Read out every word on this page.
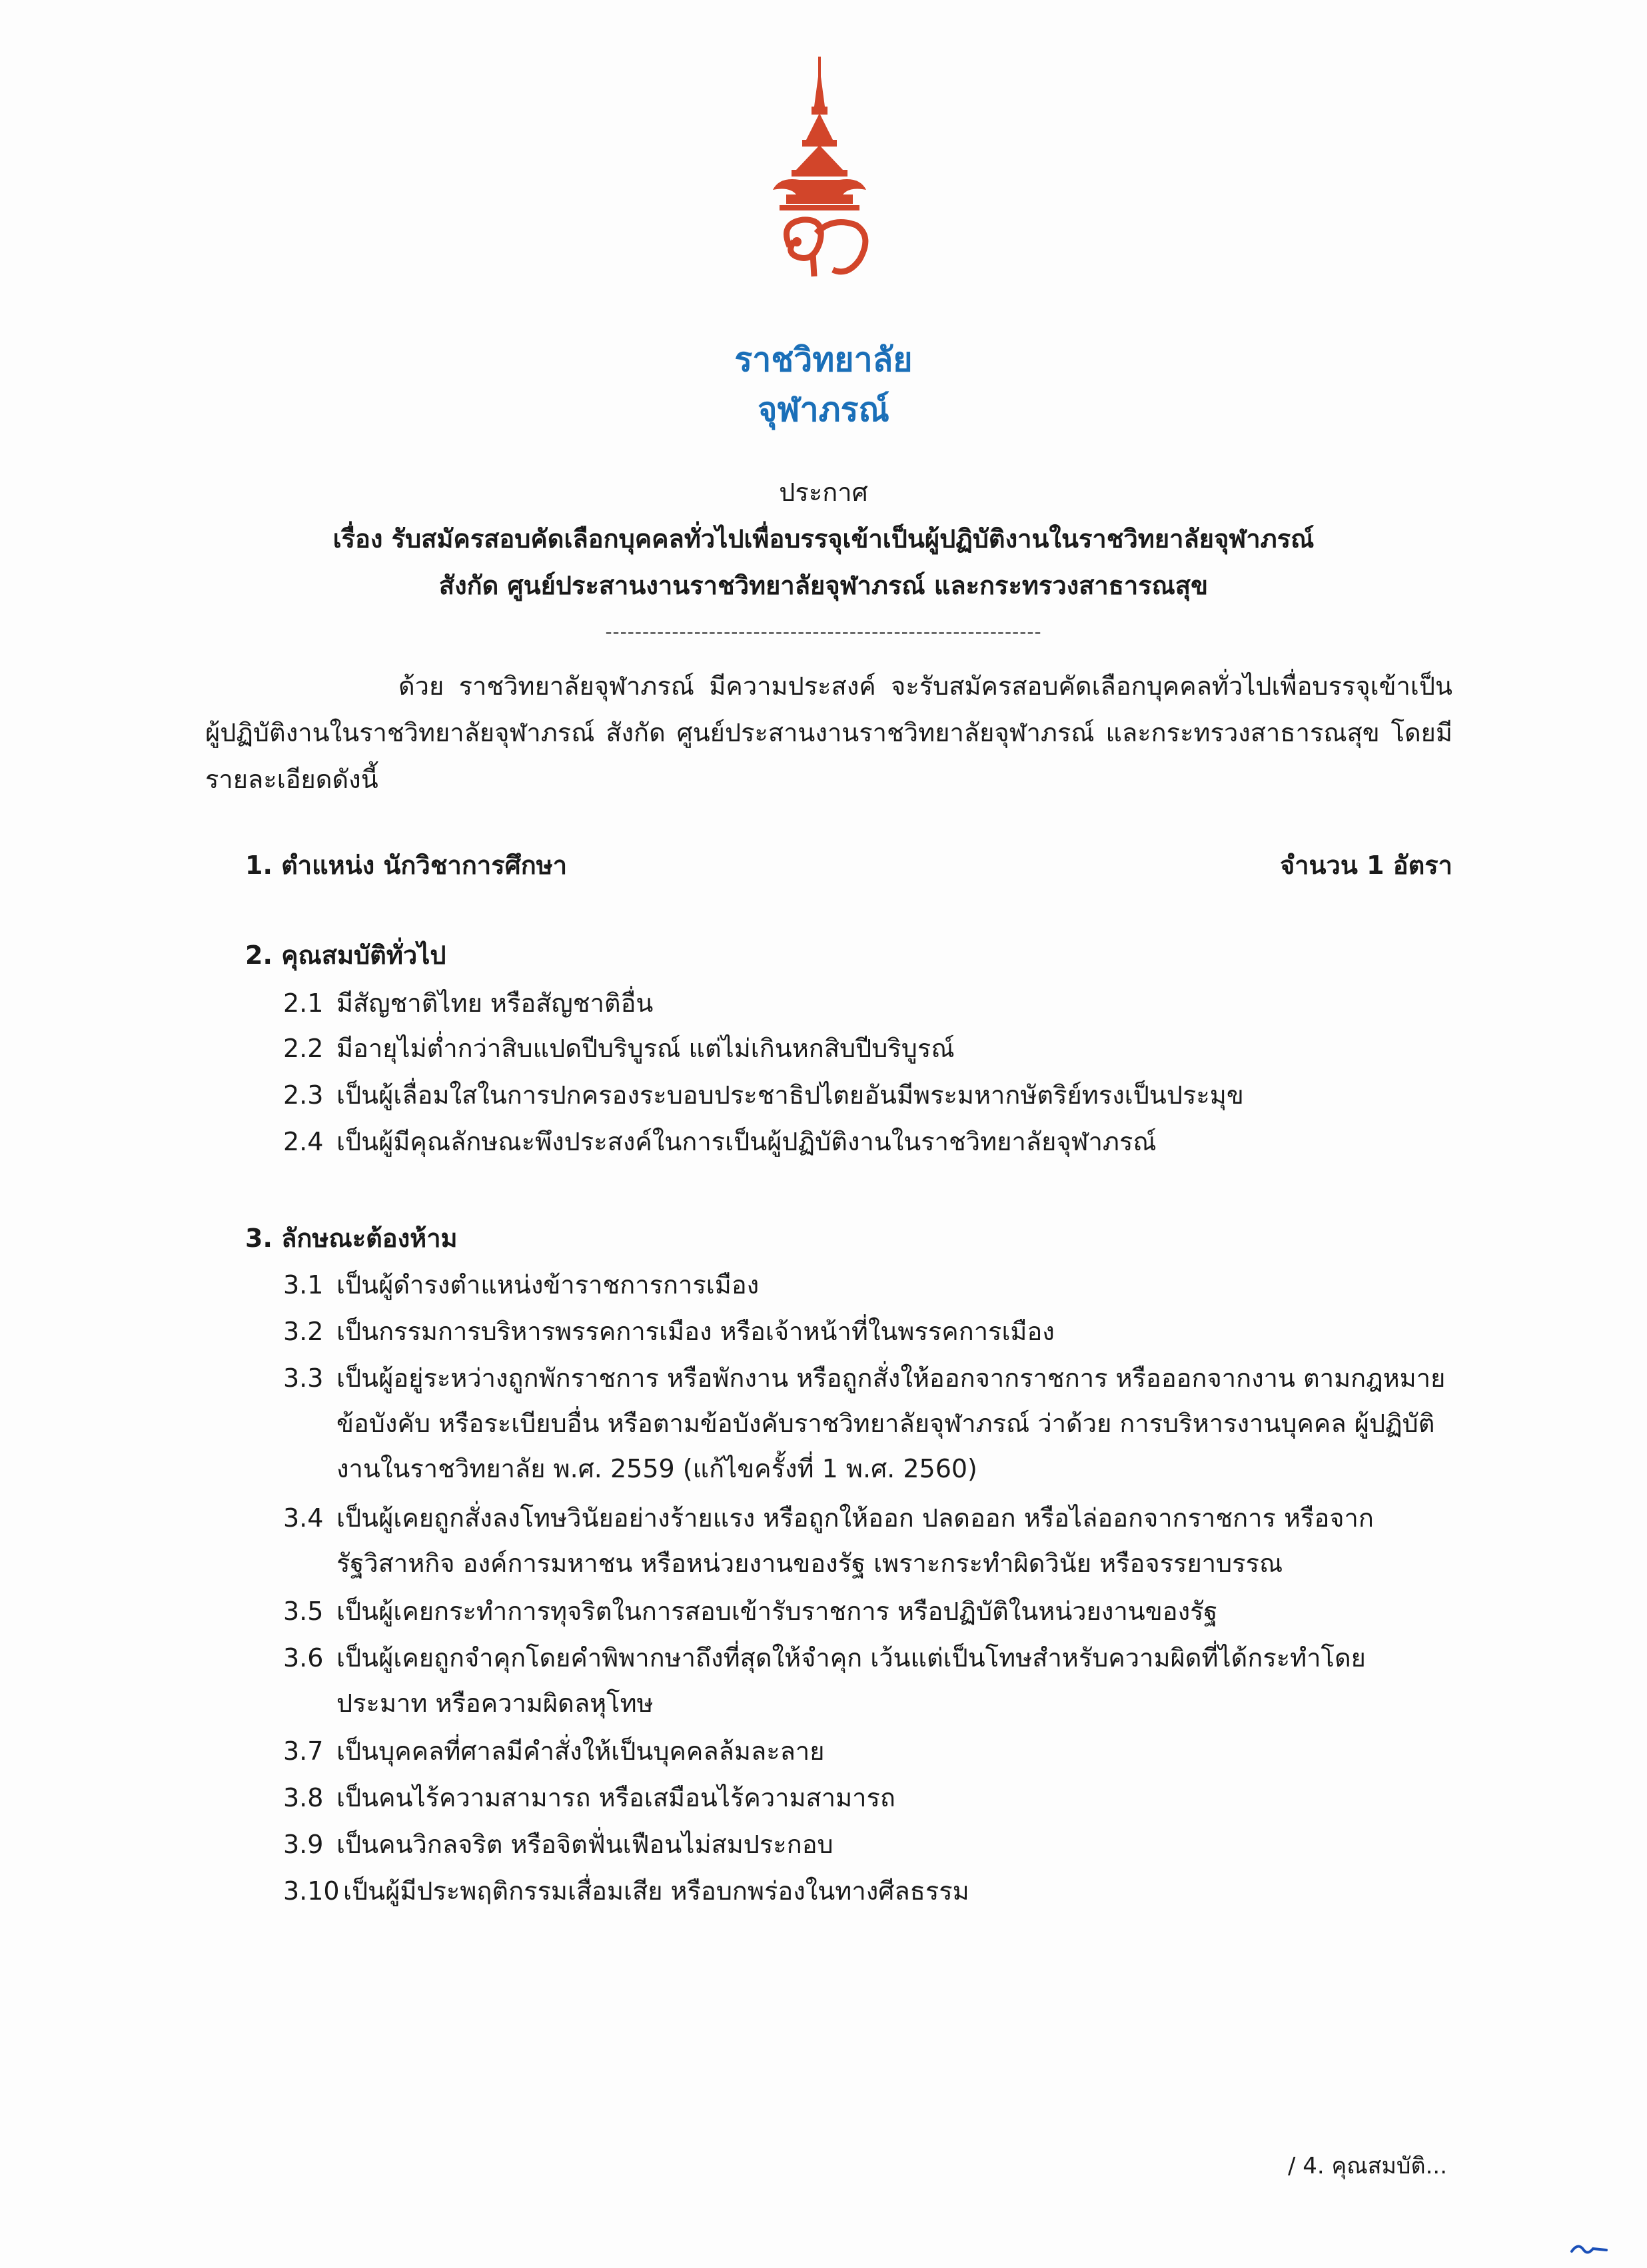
ราชวิทยาลัย
จุฬาภรณ์
ประกาศ
เรื่อง รับสมัครสอบคัดเลือกบุคคลทั่วไปเพื่อบรรจุเข้าเป็นผู้ปฏิบัติงานในราชวิทยาลัยจุฬาภรณ์
สังกัด ศูนย์ประสานงานราชวิทยาลัยจุฬาภรณ์ และกระทรวงสาธารณสุข
-----------------------------------------------------------
ด้วย ราชวิทยาลัยจุฬาภรณ์ มีความประสงค์ จะรับสมัครสอบคัดเลือกบุคคลทั่วไปเพื่อบรรจุเข้าเป็น ผู้ปฏิบัติงานในราชวิทยาลัยจุฬาภรณ์ สังกัด ศูนย์ประสานงานราชวิทยาลัยจุฬาภรณ์ และกระทรวงสาธารณสุข โดยมีรายละเอียดดังนี้
1. ตำแหน่ง นักวิชาการศึกษา	จำนวน 1 อัตรา
2. คุณสมบัติทั่วไป
2.1 มีสัญชาติไทย หรือสัญชาติอื่น
2.2 มีอายุไม่ต่ำกว่าสิบแปดปีบริบูรณ์ แต่ไม่เกินหกสิบปีบริบูรณ์
2.3 เป็นผู้เลื่อมใสในการปกครองระบอบประชาธิปไตยอันมีพระมหากษัตริย์ทรงเป็นประมุข
2.4 เป็นผู้มีคุณลักษณะพึงประสงค์ในการเป็นผู้ปฏิบัติงานในราชวิทยาลัยจุฬาภรณ์
3. ลักษณะต้องห้าม
3.1 เป็นผู้ดำรงตำแหน่งข้าราชการการเมือง
3.2 เป็นกรรมการบริหารพรรคการเมือง หรือเจ้าหน้าที่ในพรรคการเมือง
3.3 เป็นผู้อยู่ระหว่างถูกพักราชการ หรือพักงาน หรือถูกสั่งให้ออกจากราชการ หรือออกจากงาน ตามกฎหมาย ข้อบังคับ หรือระเบียบอื่น หรือตามข้อบังคับราชวิทยาลัยจุฬาภรณ์ ว่าด้วย การบริหารงานบุคคล ผู้ปฏิบัติงานในราชวิทยาลัย พ.ศ. 2559 (แก้ไขครั้งที่ 1 พ.ศ. 2560)
3.4 เป็นผู้เคยถูกสั่งลงโทษวินัยอย่างร้ายแรง หรือถูกให้ออก ปลดออก หรือไล่ออกจากราชการ หรือจากรัฐวิสาหกิจ องค์การมหาชน หรือหน่วยงานของรัฐ เพราะกระทำผิดวินัย หรือจรรยาบรรณ
3.5 เป็นผู้เคยกระทำการทุจริตในการสอบเข้ารับราชการ หรือปฏิบัติในหน่วยงานของรัฐ
3.6 เป็นผู้เคยถูกจำคุกโดยคำพิพากษาถึงที่สุดให้จำคุก เว้นแต่เป็นโทษสำหรับความผิดที่ได้กระทำโดยประมาท หรือความผิดลหุโทษ
3.7 เป็นบุคคลที่ศาลมีคำสั่งให้เป็นบุคคลล้มละลาย
3.8 เป็นคนไร้ความสามารถ หรือเสมือนไร้ความสามารถ
3.9 เป็นคนวิกลจริต หรือจิตฟั่นเฟือนไม่สมประกอบ
3.10 เป็นผู้มีประพฤติกรรมเสื่อมเสีย หรือบกพร่องในทางศีลธรรม
/ 4. คุณสมบัติ...
